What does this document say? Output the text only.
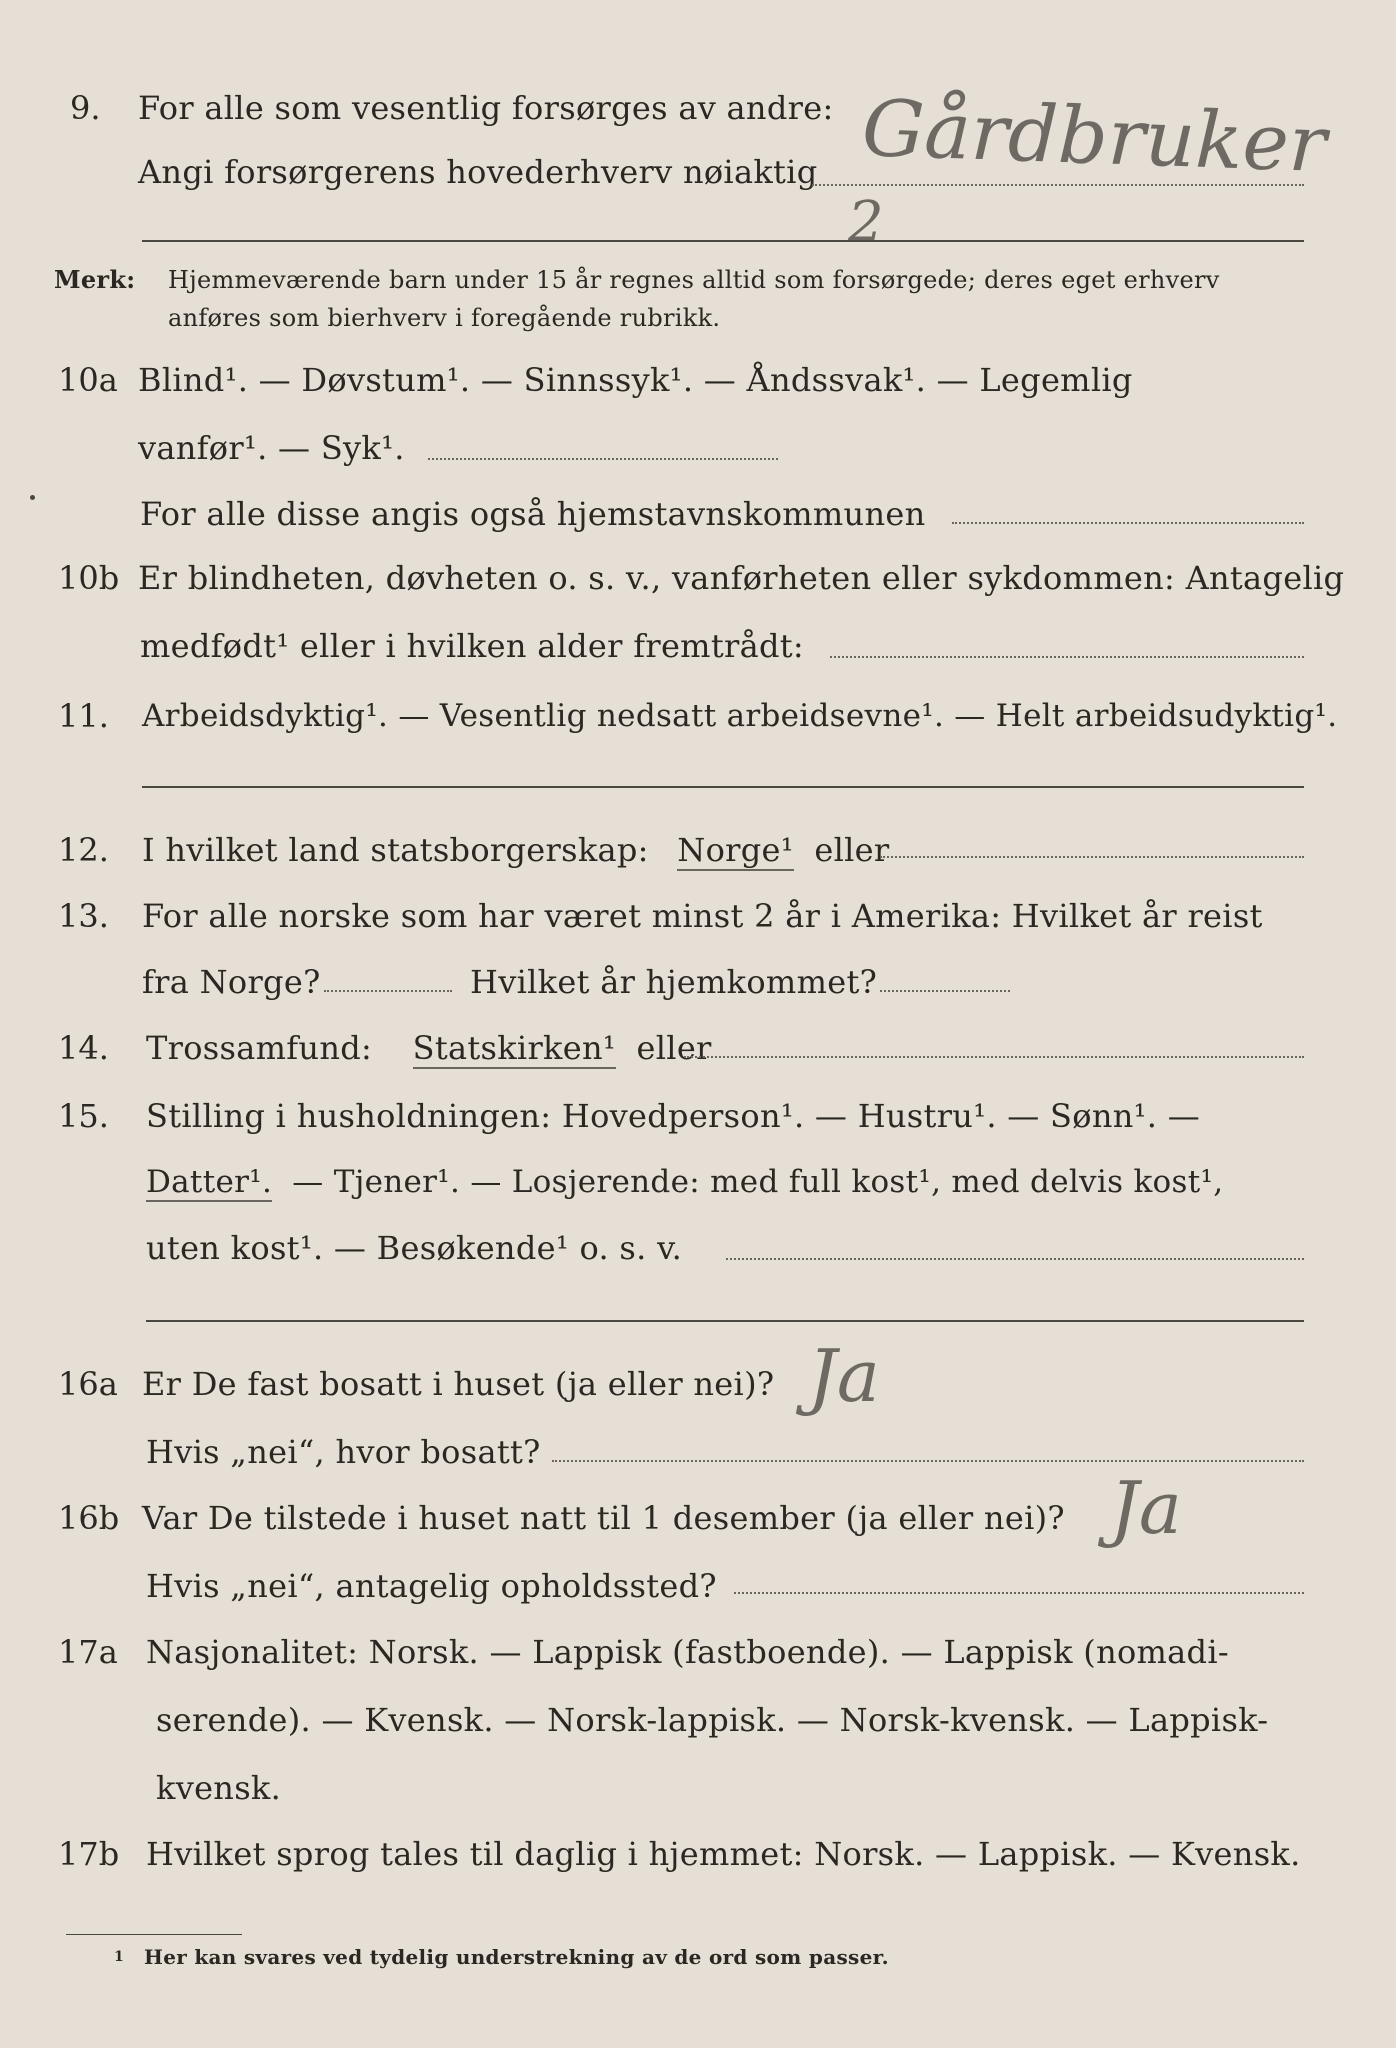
9. For alle som vesentlig forsørges av andre:
Angi forsørgerens hovederhverv nøiaktig Gårdbruker
2
Merk: Hjemmeværende barn under 15 år regnes alltid som forsørgede; deres eget erhverv
anføres som bierhverv i foregående rubrikk.
10a Blind¹. — Døvstum¹. — Sinnssyk¹. — Åndssvak¹. — Legemlig
vanfør¹. — Syk¹.
For alle disse angis også hjemstavnskommunen
10b Er blindheten, døvheten o. s. v., vanførheten eller sykdommen: Antagelig
medfødt¹ eller i hvilken alder fremtrådt:
11. Arbeidsdyktig¹. — Vesentlig nedsatt arbeidsevne¹. — Helt arbeidsudyktig¹.
12. I hvilket land statsborgerskap: Norge¹ eller
13. For alle norske som har været minst 2 år i Amerika: Hvilket år reist
fra Norge?	Hvilket år hjemkommet?
14. Trossamfund: Statskirken¹ eller
15. Stilling i husholdningen: Hovedperson¹. — Hustru¹. — Sønn¹. —
Datter¹. — Tjener¹. — Losjerende: med full kost¹, med delvis kost¹,
uten kost¹. — Besøkende¹ o. s. v.
16a Er De fast bosatt i huset (ja eller nei)? Ja
Hvis „nei“, hvor bosatt?
16b Var De tilstede i huset natt til 1 desember (ja eller nei)? Ja
Hvis „nei“, antagelig opholdssted?
17a Nasjonalitet: Norsk. — Lappisk (fastboende). — Lappisk (nomadi-
serende). — Kvensk. — Norsk-lappisk. — Norsk-kvensk. — Lappisk-
kvensk.
17b Hvilket sprog tales til daglig i hjemmet: Norsk. — Lappisk. — Kvensk.
1 Her kan svares ved tydelig understrekning av de ord som passer.
